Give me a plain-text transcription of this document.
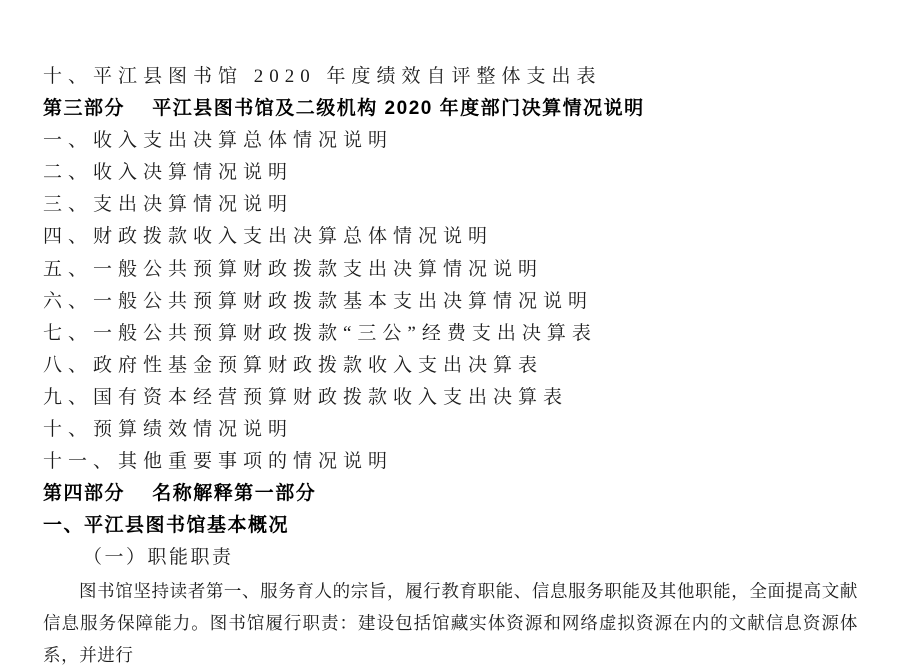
十、平江县图书馆 2020 年度绩效自评整体支出表
第三部分　 平江县图书馆及二级机构 2020 年度部门决算情况说明
一、收入支出决算总体情况说明
二、收入决算情况说明
三、支出决算情况说明
四、财政拨款收入支出决算总体情况说明
五、一般公共预算财政拨款支出决算情况说明
六、一般公共预算财政拨款基本支出决算情况说明
七、一般公共预算财政拨款“三公”经费支出决算表
八、政府性基金预算财政拨款收入支出决算表
九、国有资本经营预算财政拨款收入支出决算表
十、预算绩效情况说明
十一、其他重要事项的情况说明
第四部分　 名称解释第一部分
一、平江县图书馆基本概况
（一）职能职责

图书馆坚持读者第一、服务育人的宗旨，履行教育职能、信息服务职能及其他职能，全面提高文献信息服务保障能力。图书馆履行职责：建设包括馆藏实体资源和网络虚拟资源在内的文献信息资源体系，并进行
